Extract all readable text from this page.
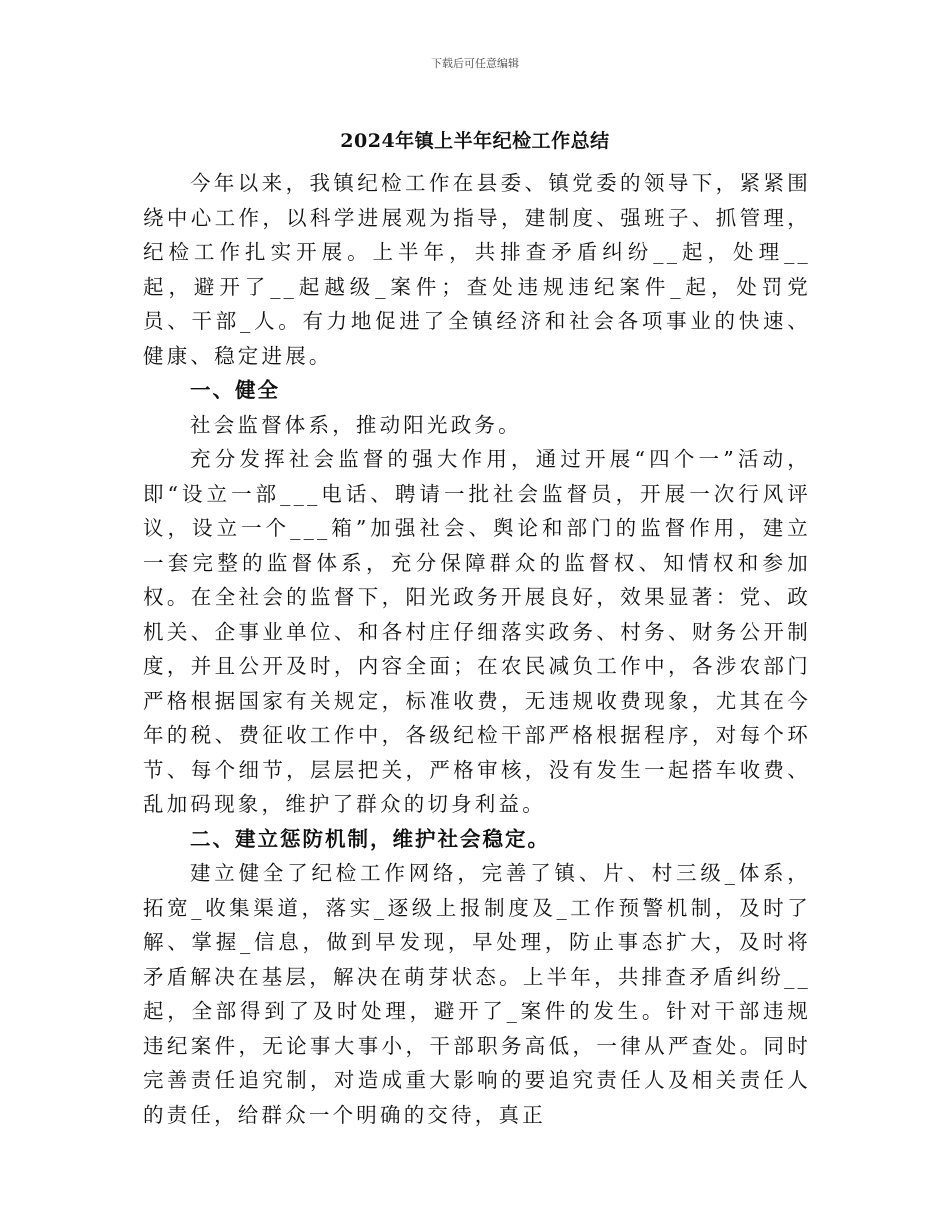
下载后可任意编辑
2024年镇上半年纪检工作总结

今年以来，我镇纪检工作在县委、镇党委的领导下，紧紧围绕中心工作，以科学进展观为指导，建制度、强班子、抓管理，纪检工作扎实开展。上半年，共排查矛盾纠纷__起，处理__起，避开了__起越级_案件；查处违规违纪案件_起，处罚党员、干部_人。有力地促进了全镇经济和社会各项事业的快速、健康、稳定进展。

一、健全

社会监督体系，推动阳光政务。

充分发挥社会监督的强大作用，通过开展“四个一”活动，即“设立一部___电话、聘请一批社会监督员，开展一次行风评议，设立一个___箱”加强社会、舆论和部门的监督作用，建立一套完整的监督体系，充分保障群众的监督权、知情权和参加权。在全社会的监督下，阳光政务开展良好，效果显著：党、政机关、企事业单位、和各村庄仔细落实政务、村务、财务公开制度，并且公开及时，内容全面；在农民减负工作中，各涉农部门严格根据国家有关规定，标准收费，无违规收费现象，尤其在今年的税、费征收工作中，各级纪检干部严格根据程序，对每个环节、每个细节，层层把关，严格审核，没有发生一起搭车收费、乱加码现象，维护了群众的切身利益。

二、建立惩防机制，维护社会稳定。

建立健全了纪检工作网络，完善了镇、片、村三级_体系，拓宽_收集渠道，落实_逐级上报制度及_工作预警机制，及时了解、掌握_信息，做到早发现，早处理，防止事态扩大，及时将矛盾解决在基层，解决在萌芽状态。上半年，共排查矛盾纠纷__起，全部得到了及时处理，避开了_案件的发生。针对干部违规违纪案件，无论事大事小，干部职务高低，一律从严查处。同时完善责任追究制，对造成重大影响的要追究责任人及相关责任人的责任，给群众一个明确的交待，真正
